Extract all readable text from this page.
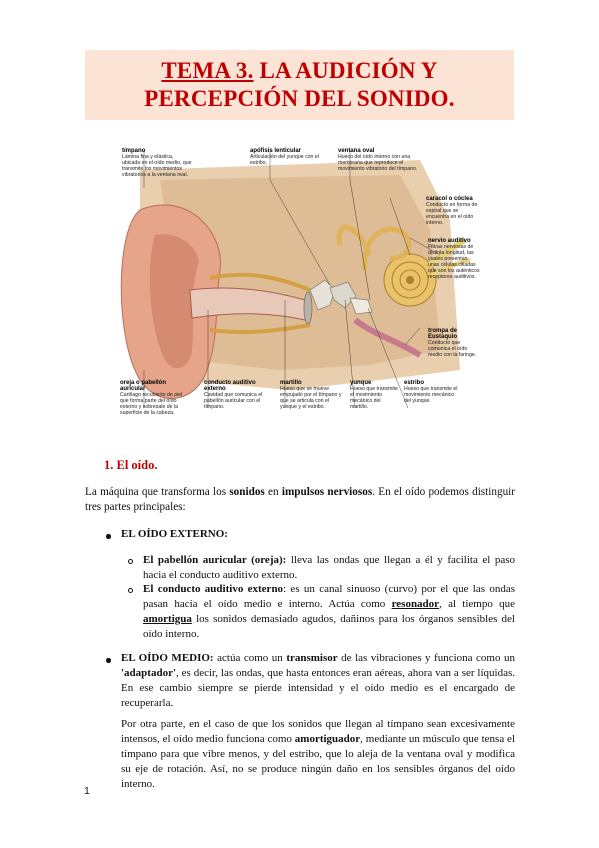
TEMA 3. LA AUDICIÓN Y
PERCEPCIÓN DEL SONIDO.
tímpano
Lámina fina y elástica, ubicada en el oído medio, que transmite los movimientos vibratorios a la ventana oval.
apófisis lenticular
Articulación del yunque con el estribo.
ventana oval
Hueco del oído interno con una membrana que reproduce el movimiento vibratorio del tímpano.
caracol o cóclea
Conducto en forma de espiral que se encuentra en el oído interno.
nervio auditivo
Fibras nerviosas de distinta longitud, las cuales presentan unas células ciliadas que son los auténticos receptores auditivos.
trompa de Eustaquio
Conducto que comunica el oído medio con la faringe.
oreja o pabellón auricular
Cartílago recubierto de piel que forma parte del oído externo y sobresale de la superficie de la cabeza.
conducto auditivo externo
Cavidad que comunica el pabellón auricular con el tímpano.
martillo
Hueso que se mueve empujado por el tímpano y que se articula con el yunque y el estribo.
yunque
Hueso que transmite el movimiento mecánico del martillo.
estribo
Hueso que transmite el movimiento mecánico del yunque.
1. El oído.
La máquina que transforma los sonidos en impulsos nerviosos. En el oído podemos distinguir tres partes principales:
EL OÍDO EXTERNO:
El pabellón auricular (oreja): lleva las ondas que llegan a él y facilita el paso hacia el conducto auditivo externo.
El conducto auditivo externo: es un canal sinuoso (curvo) por el que las ondas pasan hacia el oído medio e interno. Actúa como resonador, al tiempo que amortigua los sonidos demasiado agudos, dañinos para los órganos sensibles del oído interno.
EL OÍDO MEDIO: actúa como un transmisor de las vibraciones y funciona como un 'adaptador', es decir, las ondas, que hasta entonces eran aéreas, ahora van a ser líquidas. En ese cambio siempre se pierde intensidad y el oído medio es el encargado de recuperarla.
Por otra parte, en el caso de que los sonidos que llegan al tímpano sean excesivamente intensos, el oído medio funciona como amortiguador, mediante un músculo que tensa el tímpano para que vibre menos, y del estribo, que lo aleja de la ventana oval y modifica su eje de rotación. Así, no se produce ningún daño en los sensibles órganos del oído interno.
1
